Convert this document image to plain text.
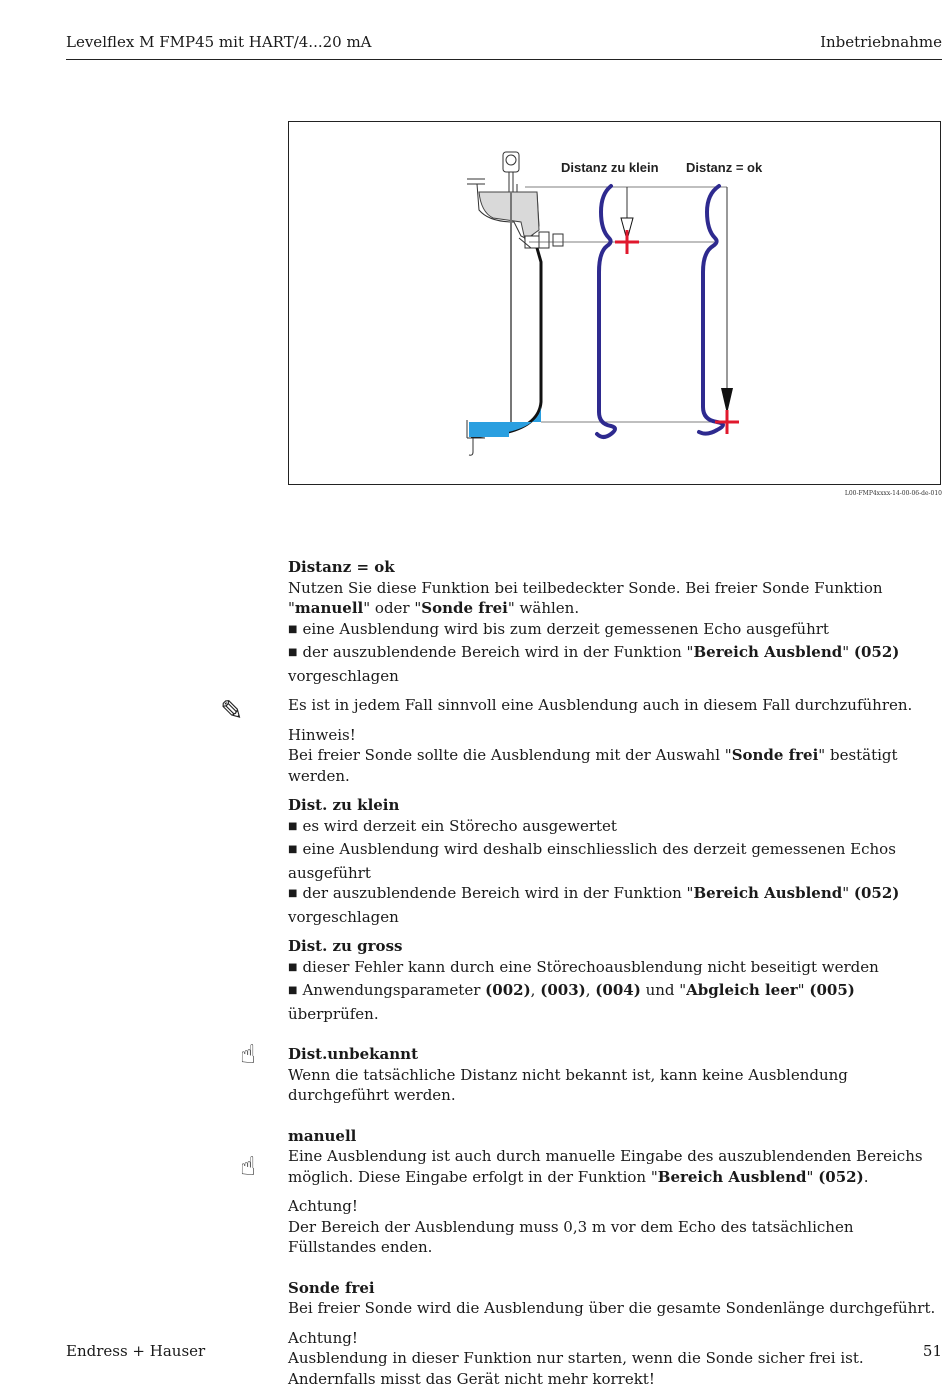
Levelflex M FMP45 mit HART/4...20 mA	Inbetriebnahme
Distanz zu klein Distanz = ok
L00-FMP4xxxx-14-00-06-de-010
✎
☝
☝

Distanz = ok

Nutzen Sie diese Funktion bei teilbedeckter Sonde. Bei freier Sonde Funktion "manuell" oder "Sonde frei" wählen.

■ eine Ausblendung wird bis zum derzeit gemessenen Echo ausgeführt
■ der auszublendende Bereich wird in der Funktion "Bereich Ausblend" (052) vorgeschlagen

Es ist in jedem Fall sinnvoll eine Ausblendung auch in diesem Fall durchzuführen.

Hinweis!

Bei freier Sonde sollte die Ausblendung mit der Auswahl "Sonde frei" bestätigt werden.

Dist. zu klein

■ es wird derzeit ein Störecho ausgewertet
■ eine Ausblendung wird deshalb einschliesslich des derzeit gemessenen Echos ausgeführt
■ der auszublendende Bereich wird in der Funktion "Bereich Ausblend" (052) vorgeschlagen

Dist. zu gross

■ dieser Fehler kann durch eine Störechoausblendung nicht beseitigt werden
■ Anwendungsparameter (002), (003), (004) und "Abgleich leer" (005) überprüfen.

Dist.unbekannt

Wenn die tatsächliche Distanz nicht bekannt ist, kann keine Ausblendung durchgeführt werden.

manuell

Eine Ausblendung ist auch durch manuelle Eingabe des auszublendenden Bereichs möglich. Diese Eingabe erfolgt in der Funktion "Bereich Ausblend" (052).

Achtung!

Der Bereich der Ausblendung muss 0,3 m vor dem Echo des tatsächlichen Füllstandes enden.

Sonde frei

Bei freier Sonde wird die Ausblendung über die gesamte Sondenlänge durchgeführt.

Achtung!

Ausblendung in dieser Funktion nur starten, wenn die Sonde sicher frei ist. Andernfalls misst das Gerät nicht mehr korrekt!

Endress + Hauser	51
